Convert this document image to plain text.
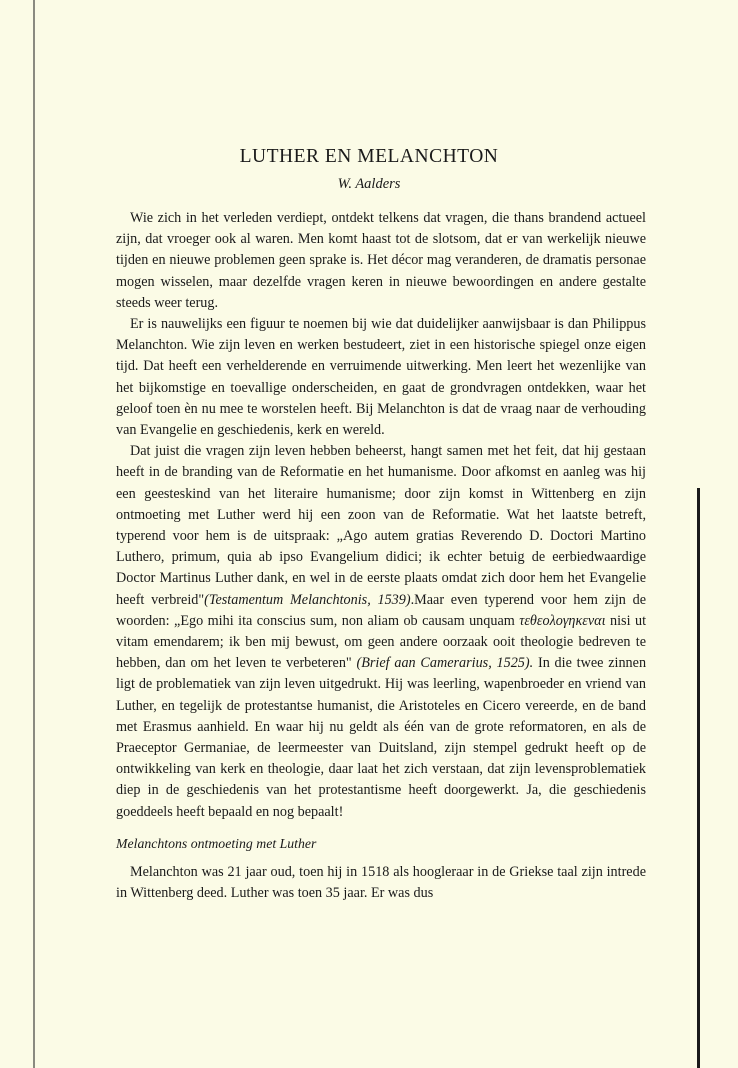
LUTHER EN MELANCHTON
W. Aalders

Wie zich in het verleden verdiept, ontdekt telkens dat vragen, die thans brandend actueel zijn, dat vroeger ook al waren. Men komt haast tot de slotsom, dat er van werkelijk nieuwe tijden en nieuwe problemen geen sprake is. Het décor mag veranderen, de dramatis personae mogen wisselen, maar dezelfde vragen keren in nieuwe bewoordingen en andere gestalte steeds weer terug.

Er is nauwelijks een figuur te noemen bij wie dat duidelijker aanwijsbaar is dan Philippus Melanchton. Wie zijn leven en werken bestudeert, ziet in een historische spiegel onze eigen tijd. Dat heeft een verhelderende en verruimende uitwerking. Men leert het wezenlijke van het bijkomstige en toevallige onderscheiden, en gaat de grondvragen ontdekken, waar het geloof toen èn nu mee te worstelen heeft. Bij Melanchton is dat de vraag naar de verhouding van Evangelie en geschiedenis, kerk en wereld.

Dat juist die vragen zijn leven hebben beheerst, hangt samen met het feit, dat hij gestaan heeft in de branding van de Reformatie en het humanisme. Door afkomst en aanleg was hij een geesteskind van het literaire humanisme; door zijn komst in Wittenberg en zijn ontmoeting met Luther werd hij een zoon van de Reformatie. Wat het laatste betreft, typerend voor hem is de uitspraak: „Ago autem gratias Reverendo D. Doctori Martino Luthero, primum, quia ab ipso Evangelium didici; ik echter betuig de eerbiedwaardige Doctor Martinus Luther dank, en wel in de eerste plaats omdat zich door hem het Evangelie heeft verbreid"(Testamentum Melanchtonis, 1539).Maar even typerend voor hem zijn de woorden: „Ego mihi ita conscius sum, non aliam ob causam unquam τεθεολογηκεναι nisi ut vitam emendarem; ik ben mij bewust, om geen andere oorzaak ooit theologie bedreven te hebben, dan om het leven te verbeteren" (Brief aan Camerarius, 1525). In die twee zinnen ligt de problematiek van zijn leven uitgedrukt. Hij was leerling, wapenbroeder en vriend van Luther, en tegelijk de protestantse humanist, die Aristoteles en Cicero vereerde, en de band met Erasmus aanhield. En waar hij nu geldt als één van de grote reformatoren, en als de Praeceptor Germaniae, de leermeester van Duitsland, zijn stempel gedrukt heeft op de ontwikkeling van kerk en theologie, daar laat het zich verstaan, dat zijn levensproblematiek diep in de geschiedenis van het protestantisme heeft doorgewerkt. Ja, die geschiedenis goeddeels heeft bepaald en nog bepaalt!

Melanchtons ontmoeting met Luther

Melanchton was 21 jaar oud, toen hij in 1518 als hoogleraar in de Griekse taal zijn intrede in Wittenberg deed. Luther was toen 35 jaar. Er was dus
